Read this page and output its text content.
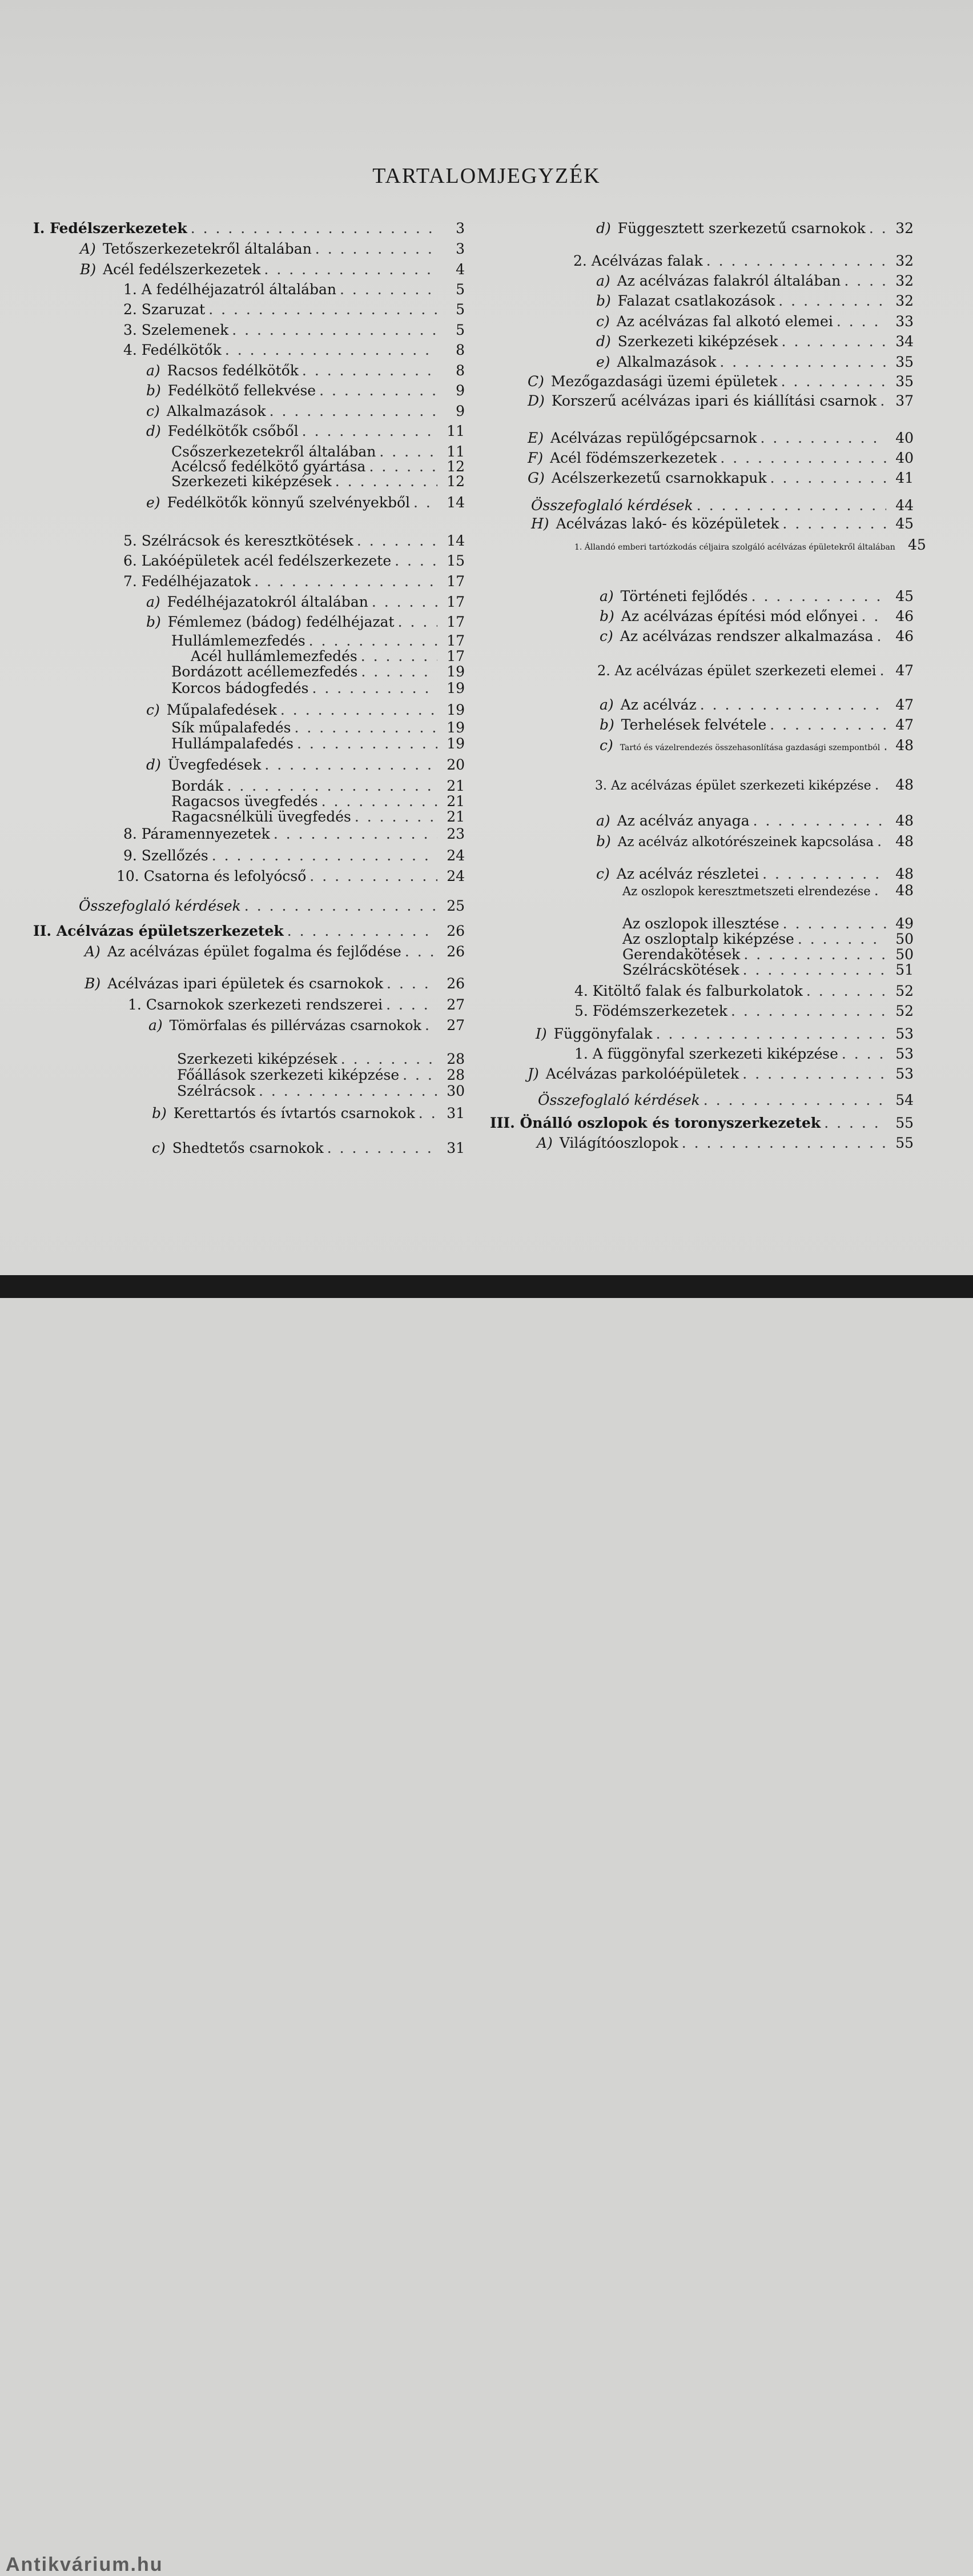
TARTALOMJEGYZÉK
I. Fedélszerkezetek . . .	3
A) Tetőszerkezetekről általában . . .	3
B) Acél fedélszerkezetek . . .	4
1. A fedélhéjazatról általában . . .	5
2. Szaruzat . . .	5
3. Szelemenek . . .	5
4. Fedélkötők . . .	8
a) Racsos fedélkötők . . .	8
b) Fedélkötő fellekvése . . .	9
c) Alkalmazások . . .	9
d) Fedélkötők csőből . . .	11
Csőszerkezetekről általában . . .	11
Acélcső fedélkötő gyártása . . .	12
Szerkezeti kiképzések . . .	12
e) Fedélkötők könnyű szelvényekből . . .	14
5. Szélrácsok és keresztkötések . . .	14
6. Lakóépületek acél fedélszerkezete . . .	15
7. Fedélhéjazatok . . .	17
a) Fedélhéjazatokról általában . . .	17
b) Fémlemez (bádog) fedélhéjazat . . .	17
Hullámlemezfedés . . .	17
Acél hullámlemezfedés . . .	17
Bordázott acéllemezfedés . . .	19
Korcos bádogfedés . . .	19
c) Műpalafedések . . .	19
Sík műpalafedés . . .	19
Hullámpalafedés . . .	19
d) Üvegfedések . . .	20
Bordák . . .	21
Ragacsos üvegfedés . . .	21
Ragacsnélküli üvegfedés . . .	21
8. Páramennyezetek . . .	23
9. Szellőzés . . .	24
10. Csatorna és lefolyócső . . .	24
Összefoglaló kérdések . . .	25
II. Acélvázas épületszerkezetek . . .	26
A) Az acélvázas épület fogalma és fejlődése . . .	26
B) Acélvázas ipari épületek és csarnokok . . .	26
1. Csarnokok szerkezeti rendszerei . . .	27
a) Tömörfalas és pillérvázas csarnokok . . .	27
Szerkezeti kiképzések . . .	28
Főállások szerkezeti kiképzése . . .	28
Szélrácsok . . .	30
b) Kerettartós és ívtartós csarnokok . . .	31
c) Shedtetős csarnokok . . .	31
d) Függesztett szerkezetű csarnokok . . .	32
2. Acélvázas falak . . .	32
a) Az acélvázas falakról általában . . .	32
b) Falazat csatlakozások . . .	32
c) Az acélvázas fal alkotó elemei . . .	33
d) Szerkezeti kiképzések . . .	34
e) Alkalmazások . . .	35
C) Mezőgazdasági üzemi épületek . . .	35
D) Korszerű acélvázas ipari és kiállítási csarnok . . .	37
E) Acélvázas repülőgépcsarnok . . .	40
F) Acél födémszerkezetek . . .	40
G) Acélszerkezetű csarnokkapuk . . .	41
Összefoglaló kérdések . . .	44
H) Acélvázas lakó- és középületek . . .	45
1. Állandó emberi tartózkodás céljaira szolgáló acélvázas épületekről általában 45
a) Történeti fejlődés . . .	45
b) Az acélvázas építési mód előnyei . . .	46
c) Az acélvázas rendszer alkalmazása . . .	46
2. Az acélvázas épület szerkezeti elemei . . .	47
a) Az acélváz . . .	47
b) Terhelések felvétele . . .	47
c) Tartó és vázelrendezés összehasonlítása gazdasági szempontból . . .	48
3. Az acélvázas épület szerkezeti kiképzése . . .	48
a) Az acélváz anyaga . . .	48
b) Az acélváz alkotórészeinek kapcsolása . . .	48
c) Az acélváz részletei . . .	48
Az oszlopok keresztmetszeti elrendezése . . .	48
Az oszlopok illesztése . . .	49
Az oszloptalp kiképzése . . .	50
Gerendakötések . . .	50
Szélrácskötések . . .	51
4. Kitöltő falak és falburkolatok . . .	52
5. Födémszerkezetek . . .	52
I) Függönyfalak . . .	53
1. A függönyfal szerkezeti kiképzése . . .	53
J) Acélvázas parkolóépületek . . .	53
Összefoglaló kérdések . . .	54
III. Önálló oszlopok és toronyszerkezetek . . .	55
A) Világítóoszlopok . . .	55
Antikvárium.hu
